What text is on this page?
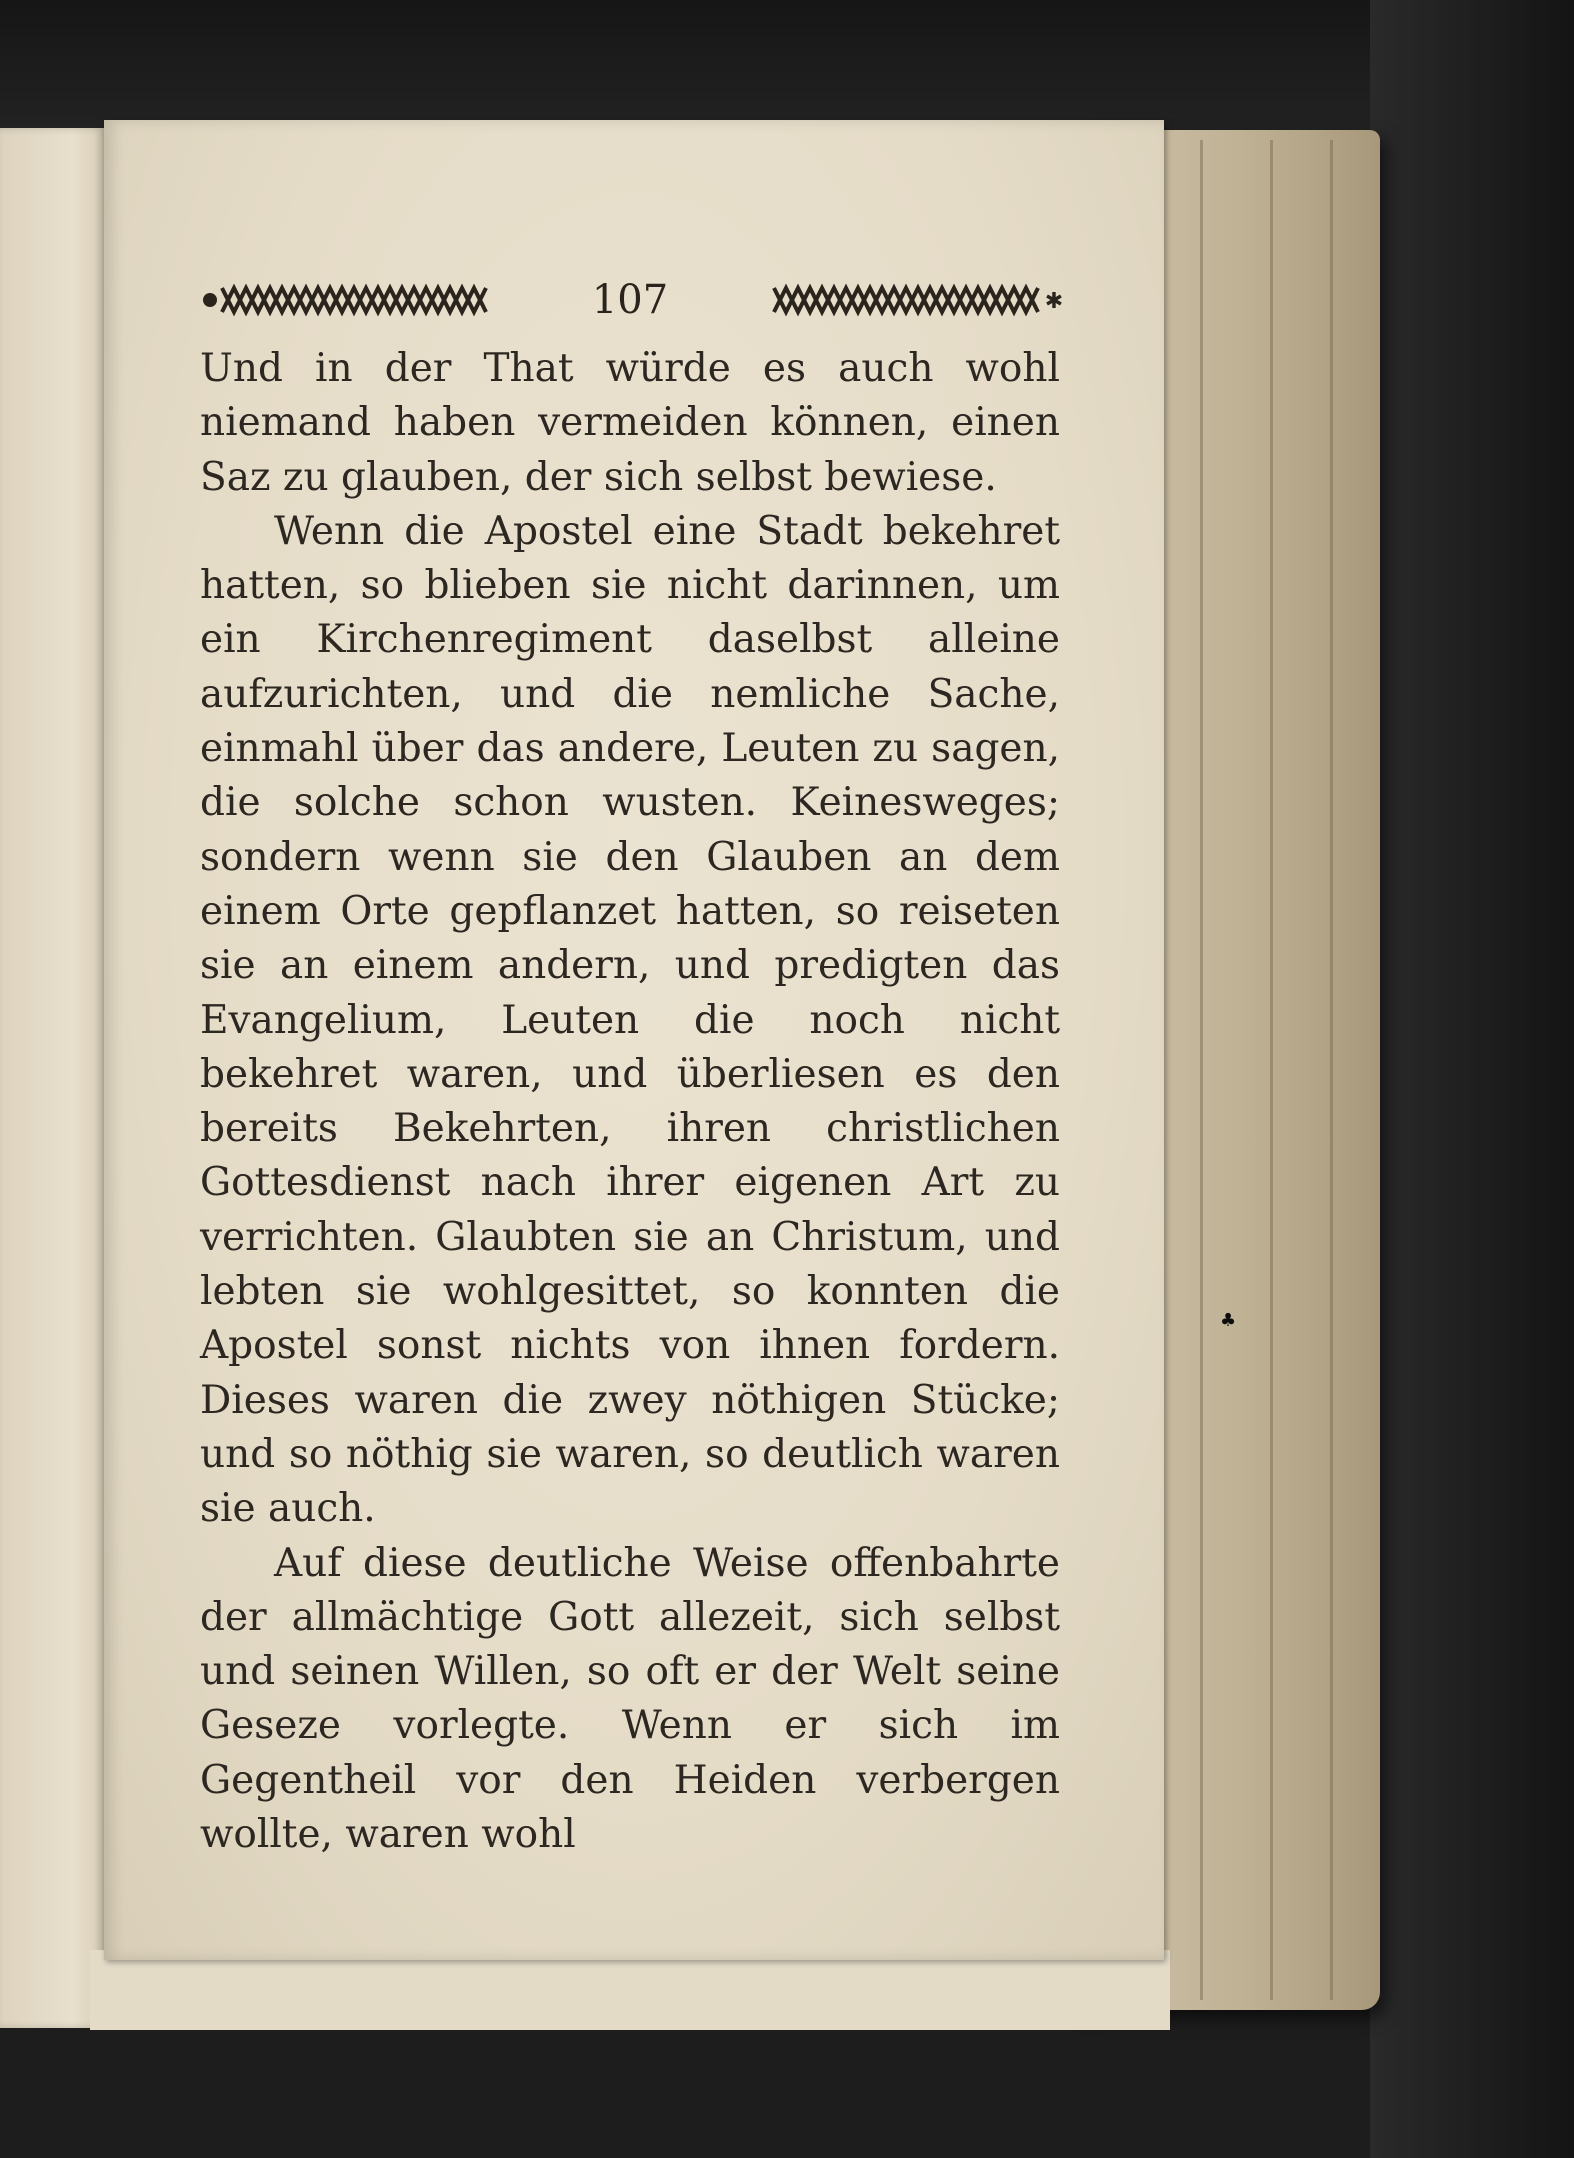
107	✱

Und in der That würde es auch wohl niemand haben vermeiden können, einen Saz zu glauben, der sich selbst bewiese.

Wenn die Apostel eine Stadt bekehret hatten, so blieben sie nicht darinnen, um ein Kirchenregiment daselbst alleine aufzurichten, und die nemliche Sache, einmahl über das andere, Leuten zu sagen, die solche schon wusten. Keinesweges; sondern wenn sie den Glauben an dem einem Orte gepflanzet hatten, so reiseten sie an einem andern, und predigten das Evangelium, Leuten die noch nicht bekehret waren, und überliesen es den bereits Bekehrten, ihren christlichen Gottesdienst nach ihrer eigenen Art zu verrichten. Glaubten sie an Christum, und lebten sie wohlgesittet, so konnten die Apostel sonst nichts von ihnen fordern. Dieses waren die zwey nöthigen Stücke; und so nöthig sie waren, so deutlich waren sie auch.

Auf diese deutliche Weise offenbahrte der allmächtige Gott allezeit, sich selbst und seinen Willen, so oft er der Welt seine Geseze vorlegte. Wenn er sich im Gegentheil vor den Heiden verbergen wollte, waren wohl

♣
